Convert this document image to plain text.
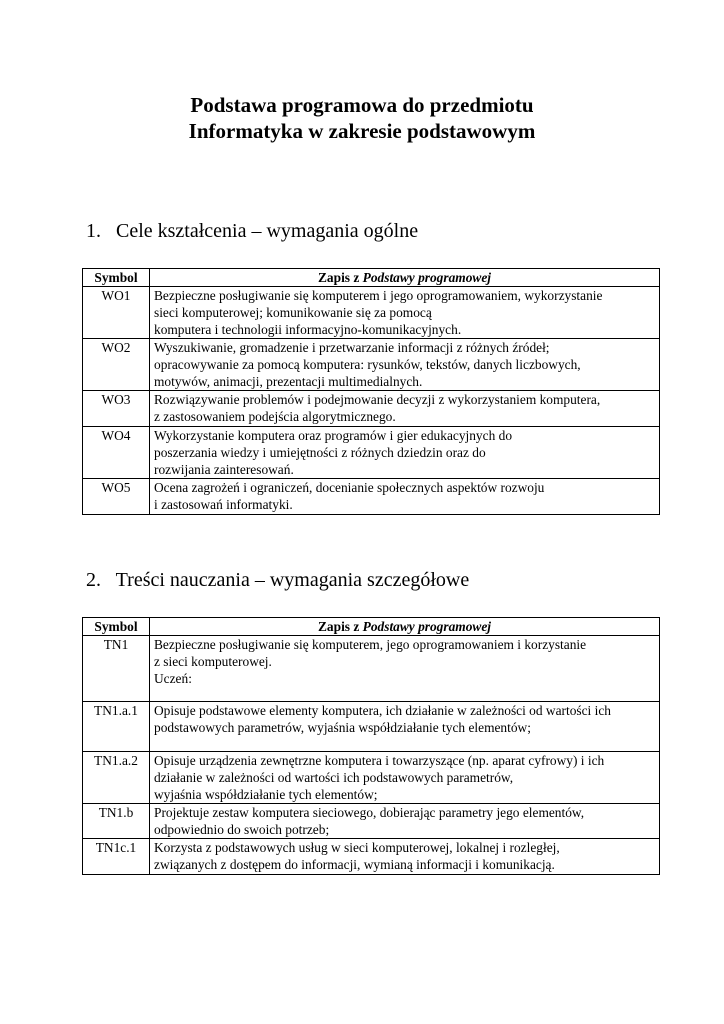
Podstawa programowa do przedmiotu
Informatyka w zakresie podstawowym
1. Cele kształcenia – wymagania ogólne
Symbol	Zapis z Podstawy programowej
WO1	Bezpieczne posługiwanie się komputerem i jego oprogramowaniem, wykorzystanie
sieci komputerowej; komunikowanie się za pomocą
komputera i technologii informacyjno-komunikacyjnych.

WO2	Wyszukiwanie, gromadzenie i przetwarzanie informacji z różnych źródeł;
opracowywanie za pomocą komputera: rysunków, tekstów, danych liczbowych,
motywów, animacji, prezentacji multimedialnych.

WO3	Rozwiązywanie problemów i podejmowanie decyzji z wykorzystaniem komputera,
z zastosowaniem podejścia algorytmicznego.

WO4	Wykorzystanie komputera oraz programów i gier edukacyjnych do
poszerzania wiedzy i umiejętności z różnych dziedzin oraz do
rozwijania zainteresowań.

WO5	Ocena zagrożeń i ograniczeń, docenianie społecznych aspektów rozwoju
i zastosowań informatyki.
2. Treści nauczania – wymagania szczegółowe
Symbol	Zapis z Podstawy programowej
TN1	Bezpieczne posługiwanie się komputerem, jego oprogramowaniem i korzystanie
z sieci komputerowej.
Uczeń:

TN1.a.1	Opisuje podstawowe elementy komputera, ich działanie w zależności od wartości ich
podstawowych parametrów, wyjaśnia współdziałanie tych elementów;

TN1.a.2	Opisuje urządzenia zewnętrzne komputera i towarzyszące (np. aparat cyfrowy) i ich
działanie w zależności od wartości ich podstawowych parametrów,
wyjaśnia współdziałanie tych elementów;

TN1.b	Projektuje zestaw komputera sieciowego, dobierając parametry jego elementów,
odpowiednio do swoich potrzeb;

TN1c.1	Korzysta z podstawowych usług w sieci komputerowej, lokalnej i rozległej,
związanych z dostępem do informacji, wymianą informacji i komunikacją.
